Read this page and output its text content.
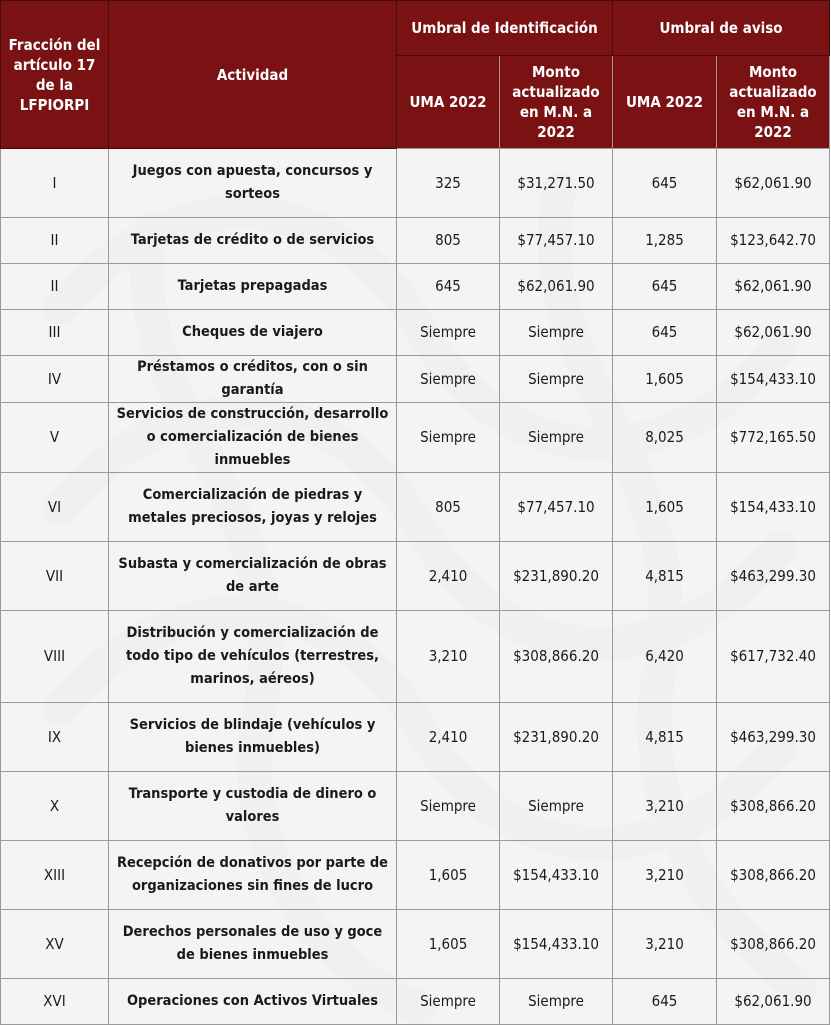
Fracción del artículo 17 de la LFPIORPI	Actividad	Umbral de Identificación		Umbral de aviso	
		UMA 2022	Monto actualizado en M.N. a 2022	UMA 2022	Monto actualizado en M.N. a 2022
I	Juegos con apuesta, concursos y sorteos	325	$31,271.50	645	$62,061.90
II	Tarjetas de crédito o de servicios	805	$77,457.10	1,285	$123,642.70
II	Tarjetas prepagadas	645	$62,061.90	645	$62,061.90
III	Cheques de viajero	Siempre	Siempre	645	$62,061.90
IV	Préstamos o créditos, con o sin garantía	Siempre	Siempre	1,605	$154,433.10
V	Servicios de construcción, desarrollo o comercialización de bienes inmuebles	Siempre	Siempre	8,025	$772,165.50
VI	Comercialización de piedras y metales preciosos, joyas y relojes	805	$77,457.10	1,605	$154,433.10
VII	Subasta y comercialización de obras de arte	2,410	$231,890.20	4,815	$463,299.30
VIII	Distribución y comercialización de todo tipo de vehículos (terrestres, marinos, aéreos)	3,210	$308,866.20	6,420	$617,732.40
IX	Servicios de blindaje (vehículos y bienes inmuebles)	2,410	$231,890.20	4,815	$463,299.30
X	Transporte y custodia de dinero o valores	Siempre	Siempre	3,210	$308,866.20
XIII	Recepción de donativos por parte de organizaciones sin fines de lucro	1,605	$154,433.10	3,210	$308,866.20
XV	Derechos personales de uso y goce de bienes inmuebles	1,605	$154,433.10	3,210	$308,866.20
XVI	Operaciones con Activos Virtuales	Siempre	Siempre	645	$62,061.90
